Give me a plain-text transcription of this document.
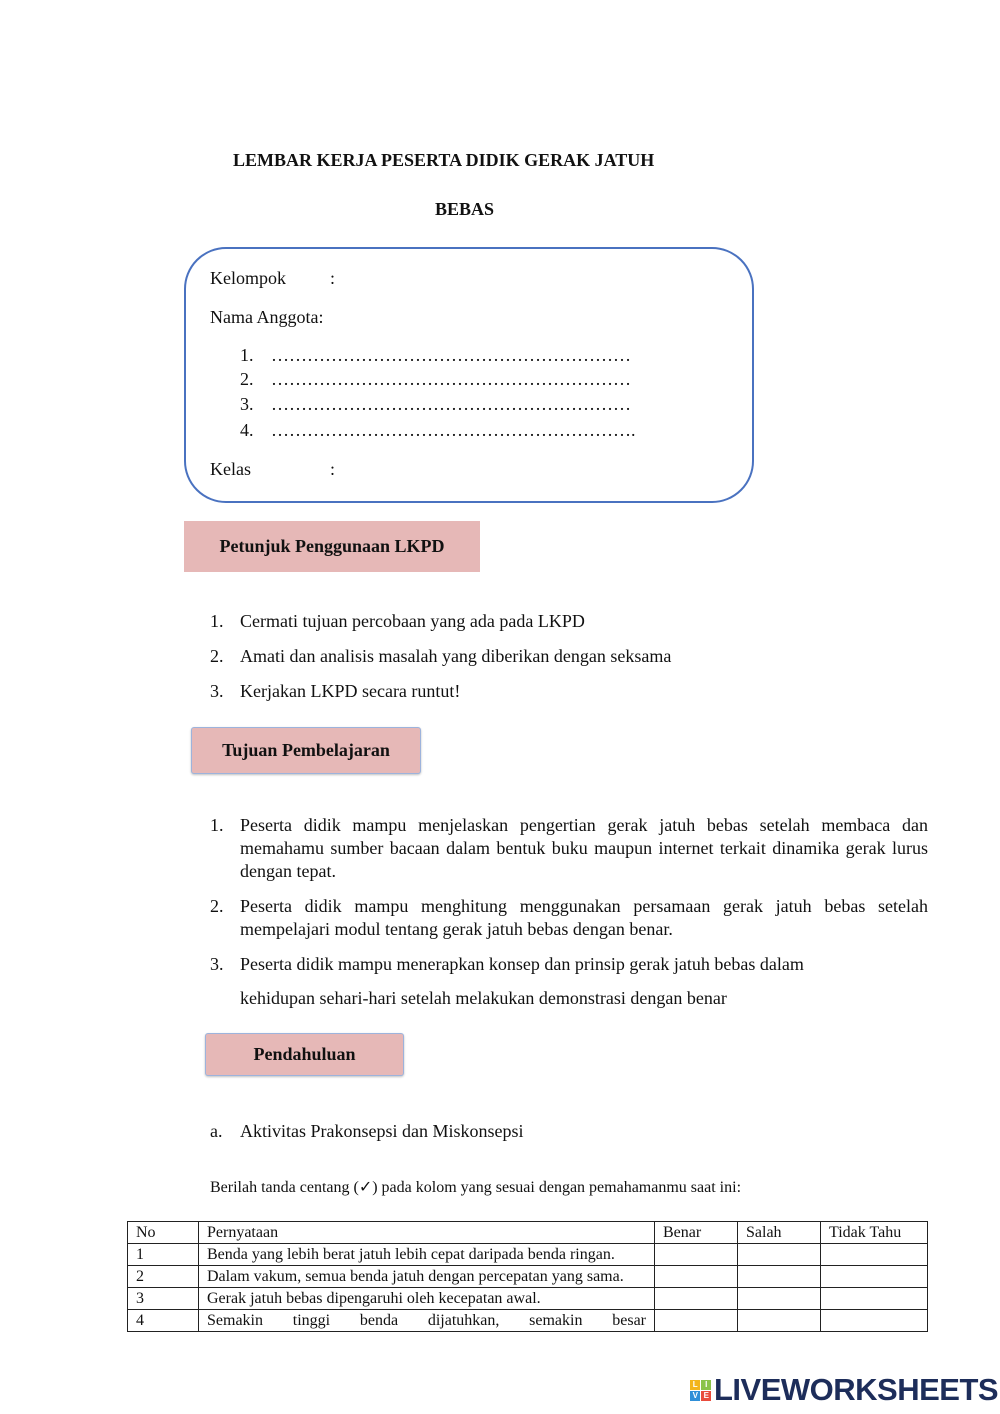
LEMBAR KERJA PESERTA DIDIK GERAK JATUH
BEBAS
Kelompok :
Nama Anggota:
1. ……………………………………………………
2. ……………………………………………………
3. ……………………………………………………
4. …………………………………………………….
Kelas	:
Petunjuk Penggunaan LKPD
1. Cermati tujuan percobaan yang ada pada LKPD
2. Amati dan analisis masalah yang diberikan dengan seksama
3. Kerjakan LKPD secara runtut!
Tujuan Pembelajaran
1. Peserta didik mampu menjelaskan pengertian gerak jatuh bebas setelah membaca dan memahamu sumber bacaan dalam bentuk buku maupun internet terkait dinamika gerak lurus dengan tepat.
2. Peserta didik mampu menghitung menggunakan persamaan gerak jatuh bebas setelah mempelajari modul tentang gerak jatuh bebas dengan benar.
3. Peserta didik mampu menerapkan konsep dan prinsip gerak jatuh bebas dalam
kehidupan sehari-hari setelah melakukan demonstrasi dengan benar
Pendahuluan
a. Aktivitas Prakonsepsi dan Miskonsepsi
Berilah tanda centang (✓) pada kolom yang sesuai dengan pemahamanmu saat ini:
No	Pernyataan	Benar	Salah	Tidak Tahu
1	Benda yang lebih berat jatuh lebih cepat daripada benda ringan.			
2	Dalam vakum, semua benda jatuh dengan percepatan yang sama.			
3	Gerak jatuh bebas dipengaruhi oleh kecepatan awal.			
4	Semakin tinggi benda dijatuhkan, semakin besar			
L I
V E LIVEWORKSHEETS
